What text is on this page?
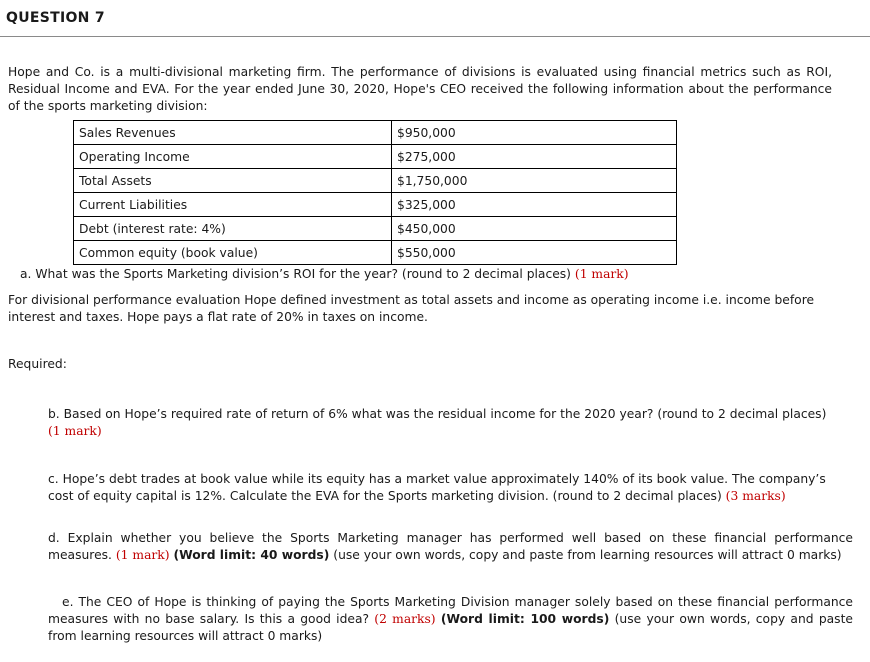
QUESTION 7

Hope and Co. is a multi-divisional marketing firm. The performance of divisions is evaluated using financial metrics such as ROI, Residual Income and EVA. For the year ended June 30, 2020, Hope's CEO received the following information about the performance of the sports marketing division:

Sales Revenues	$950,000
Operating Income	$275,000
Total Assets	$1,750,000
Current Liabilities	$325,000
Debt (interest rate: 4%)	$450,000
Common equity (book value)	$550,000

a. What was the Sports Marketing division’s ROI for the year? (round to 2 decimal places) (1 mark)

For divisional performance evaluation Hope defined investment as total assets and income as operating income i.e. income before interest and taxes. Hope pays a flat rate of 20% in taxes on income.

Required:

b. Based on Hope’s required rate of return of 6% what was the residual income for the 2020 year? (round to 2 decimal places)
(1 mark)

c. Hope’s debt trades at book value while its equity has a market value approximately 140% of its book value. The company’s cost of equity capital is 12%. Calculate the EVA for the Sports marketing division. (round to 2 decimal places) (3 marks)

d. Explain whether you believe the Sports Marketing manager has performed well based on these financial performance measures. (1 mark) (Word limit: 40 words) (use your own words, copy and paste from learning resources will attract 0 marks)

e. The CEO of Hope is thinking of paying the Sports Marketing Division manager solely based on these financial performance measures with no base salary. Is this a good idea? (2 marks) (Word limit: 100 words) (use your own words, copy and paste from learning resources will attract 0 marks)
